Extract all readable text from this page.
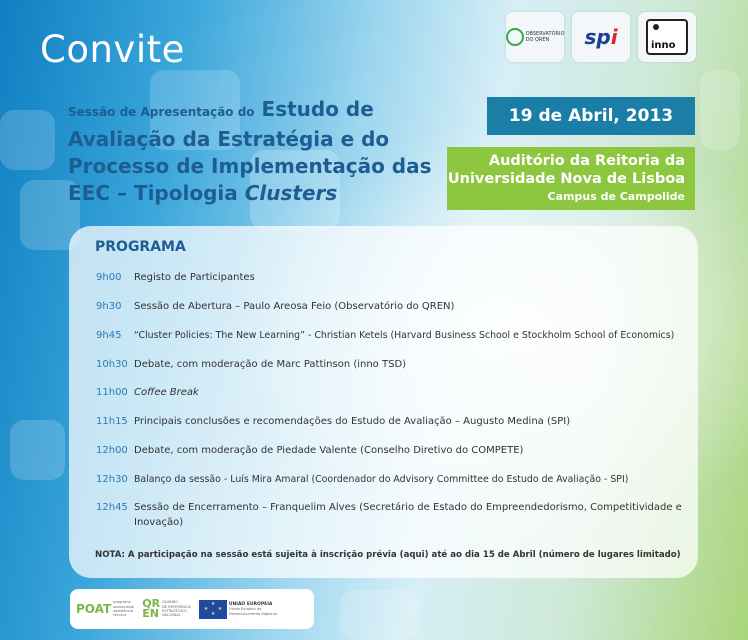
Convite	OBSERVATÓRIO
DO QREN	spi	inno
Sessão de Apresentação do Estudo de
Avaliação da Estratégia e do
Processo de Implementação das
EEC – Tipologia Clusters
19 de Abril, 2013
Auditório da Reitoria da
Universidade Nova de Lisboa
Campus de Campolide
PROGRAMA
9h00	Registo de Participantes
9h30	Sessão de Abertura – Paulo Areosa Feio (Observatório do QREN)
9h45	“Cluster Policies: The New Learning” - Christian Ketels (Harvard Business School e Stockholm School of Economics)
10h30 Debate, com moderação de Marc Pattinson (inno TSD)
11h00 Coffee Break
11h15 Principais conclusões e recomendações do Estudo de Avaliação – Augusto Medina (SPI)
12h00 Debate, com moderação de Piedade Valente (Conselho Diretivo do COMPETE)
12h30 Balanço da sessão - Luís Mira Amaral (Coordenador do Advisory Committee do Estudo de Avaliação - SPI)
12h45 Sessão de Encerramento – Franquelim Alves (Secretário de Estado do Empreendedorismo, Competitividade e Inovação)
NOTA: A participação na sessão está sujeita à inscrição prévia (aqui) até ao dia 15 de Abril (número de lugares limitado)
POAT programa
operacional
assistência
técnica
QR
EN
QUADRO
DE REFERÊNCIA
ESTRATÉGICO
NACIONAL
★
★ ★
★
UNIÃO EUROPEIA
Fundo Europeu de
Desenvolvimento Regional
